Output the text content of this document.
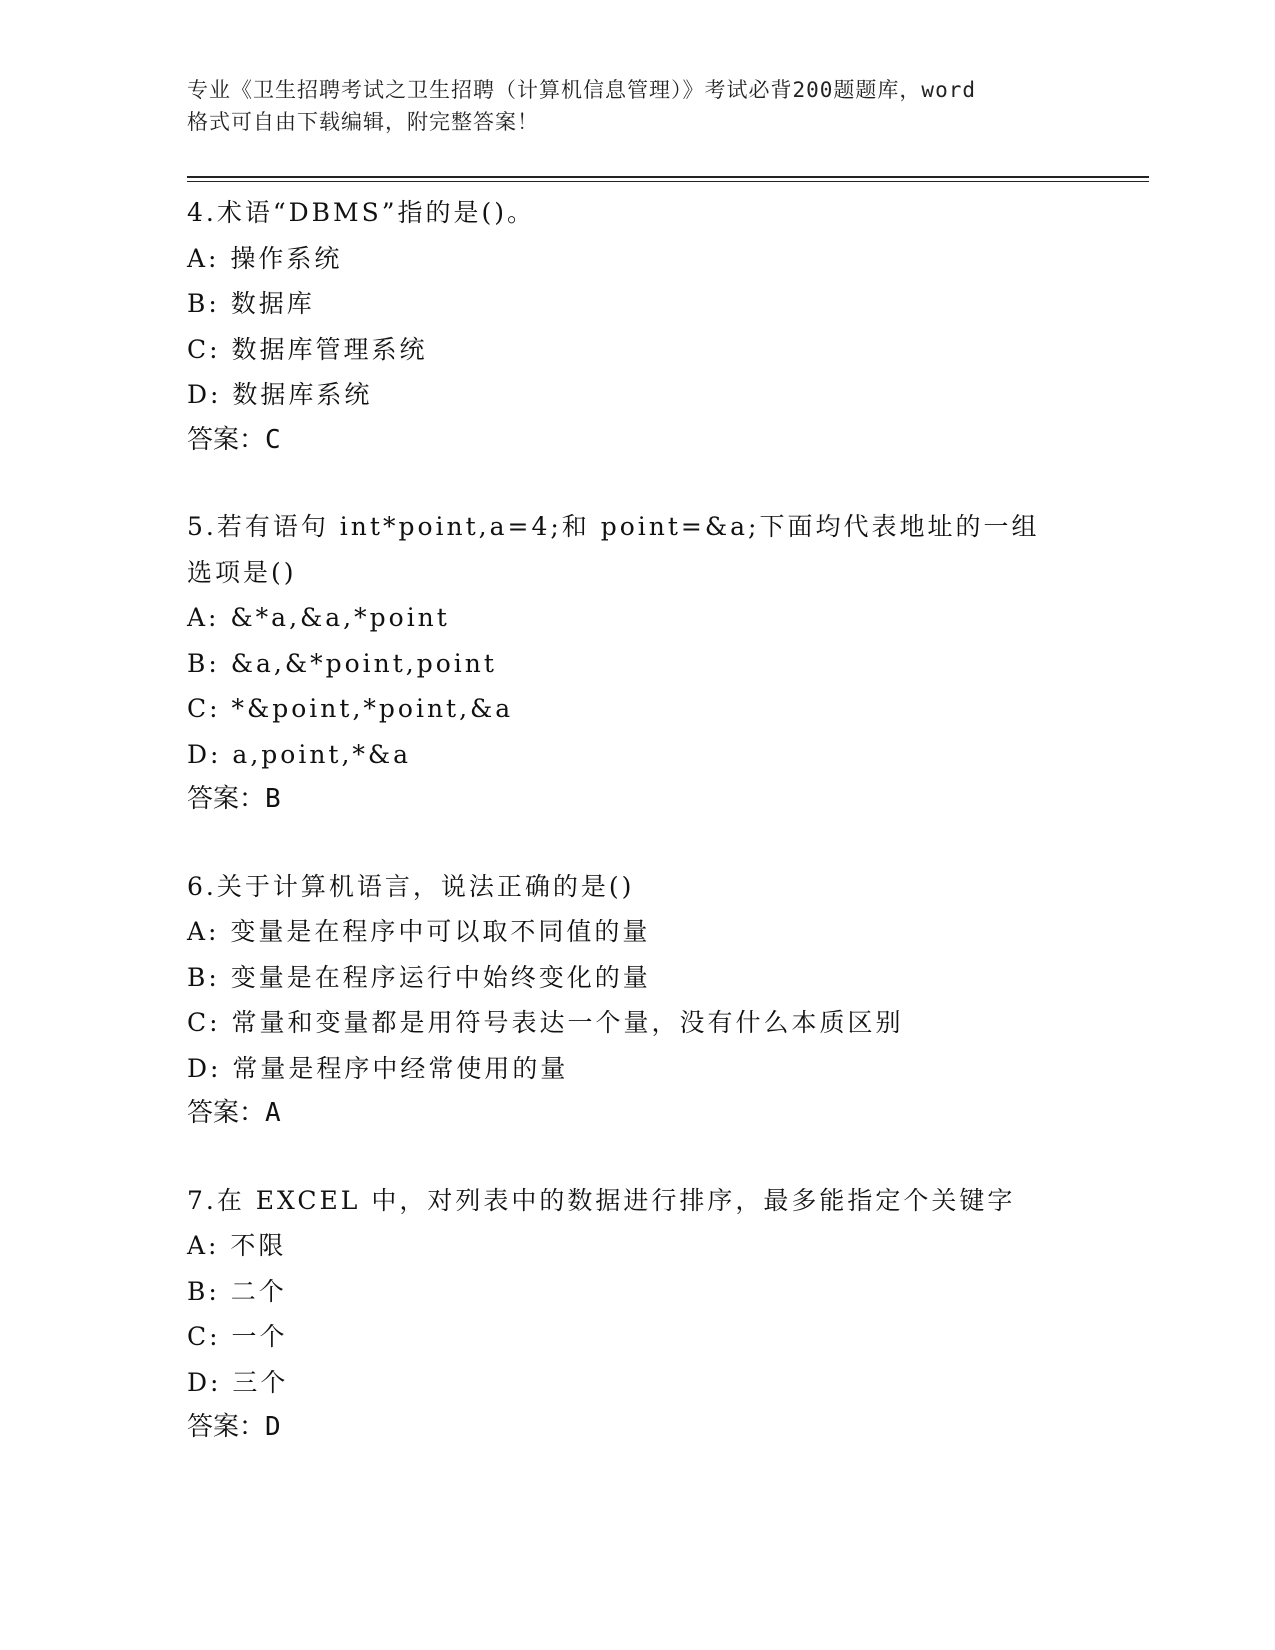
专业《卫生招聘考试之卫生招聘（计算机信息管理）》考试必背200题题库，word
格式可自由下载编辑，附完整答案！
4.术语“DBMS”指的是()。
A: 操作系统
B: 数据库
C: 数据库管理系统
D: 数据库系统
答案：C
5.若有语句 int*point,a=4;和 point=&a;下面均代表地址的一组选项是()
A: &*a,&a,*point
B: &a,&*point,point
C: *&point,*point,&a
D: a,point,*&a
答案：B
6.关于计算机语言，说法正确的是()
A: 变量是在程序中可以取不同值的量
B: 变量是在程序运行中始终变化的量
C: 常量和变量都是用符号表达一个量，没有什么本质区别
D: 常量是程序中经常使用的量
答案：A
7.在 EXCEL 中，对列表中的数据进行排序，最多能指定个关键字
A: 不限
B: 二个
C: 一个
D: 三个
答案：D
